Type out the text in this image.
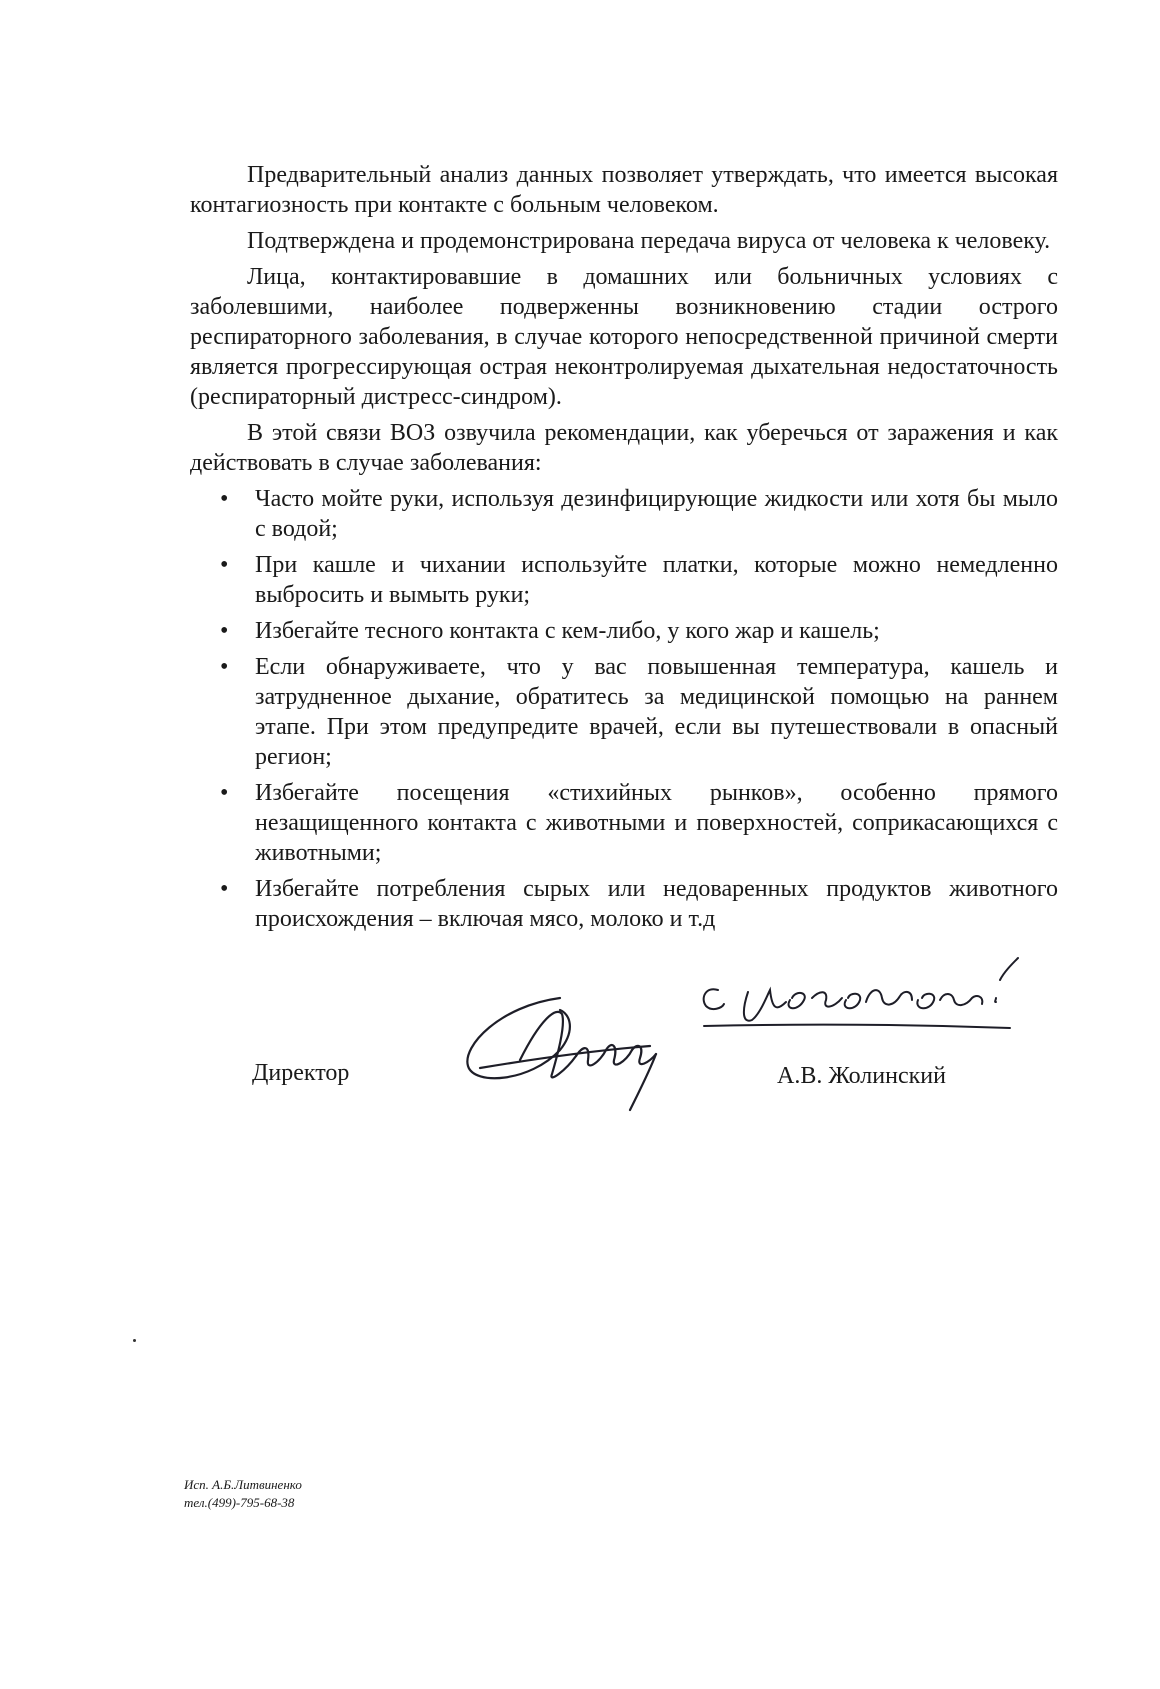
Предварительный анализ данных позволяет утверждать, что имеется высокая контагиозность при контакте с больным человеком.

Подтверждена и продемонстрирована передача вируса от человека к человеку.

Лица, контактировавшие в домашних или больничных условиях с заболевшими, наиболее подверженны возникновению стадии острого респираторного заболевания, в случае которого непосредственной причиной смерти является прогрессирующая острая неконтролируемая дыхательная недостаточность (респираторный дистресс-синдром).

В этой связи ВОЗ озвучила рекомендации, как уберечься от заражения и как действовать в случае заболевания:

• Часто мойте руки, используя дезинфицирующие жидкости или хотя бы мыло с водой;
• При кашле и чихании используйте платки, которые можно немедленно выбросить и вымыть руки;
• Избегайте тесного контакта с кем-либо, у кого жар и кашель;
• Если обнаруживаете, что у вас повышенная температура, кашель и затрудненное дыхание, обратитесь за медицинской помощью на раннем этапе. При этом предупредите врачей, если вы путешествовали в опасный регион;
• Избегайте посещения «стихийных рынков», особенно прямого незащищенного контакта с животными и поверхностей, соприкасающихся с животными;
• Избегайте потребления сырых или недоваренных продуктов животного происхождения – включая мясо, молоко и т.д
Директор	А.В. Жолинский
Исп. А.Б.Литвиненко
тел.(499)-795-68-38
